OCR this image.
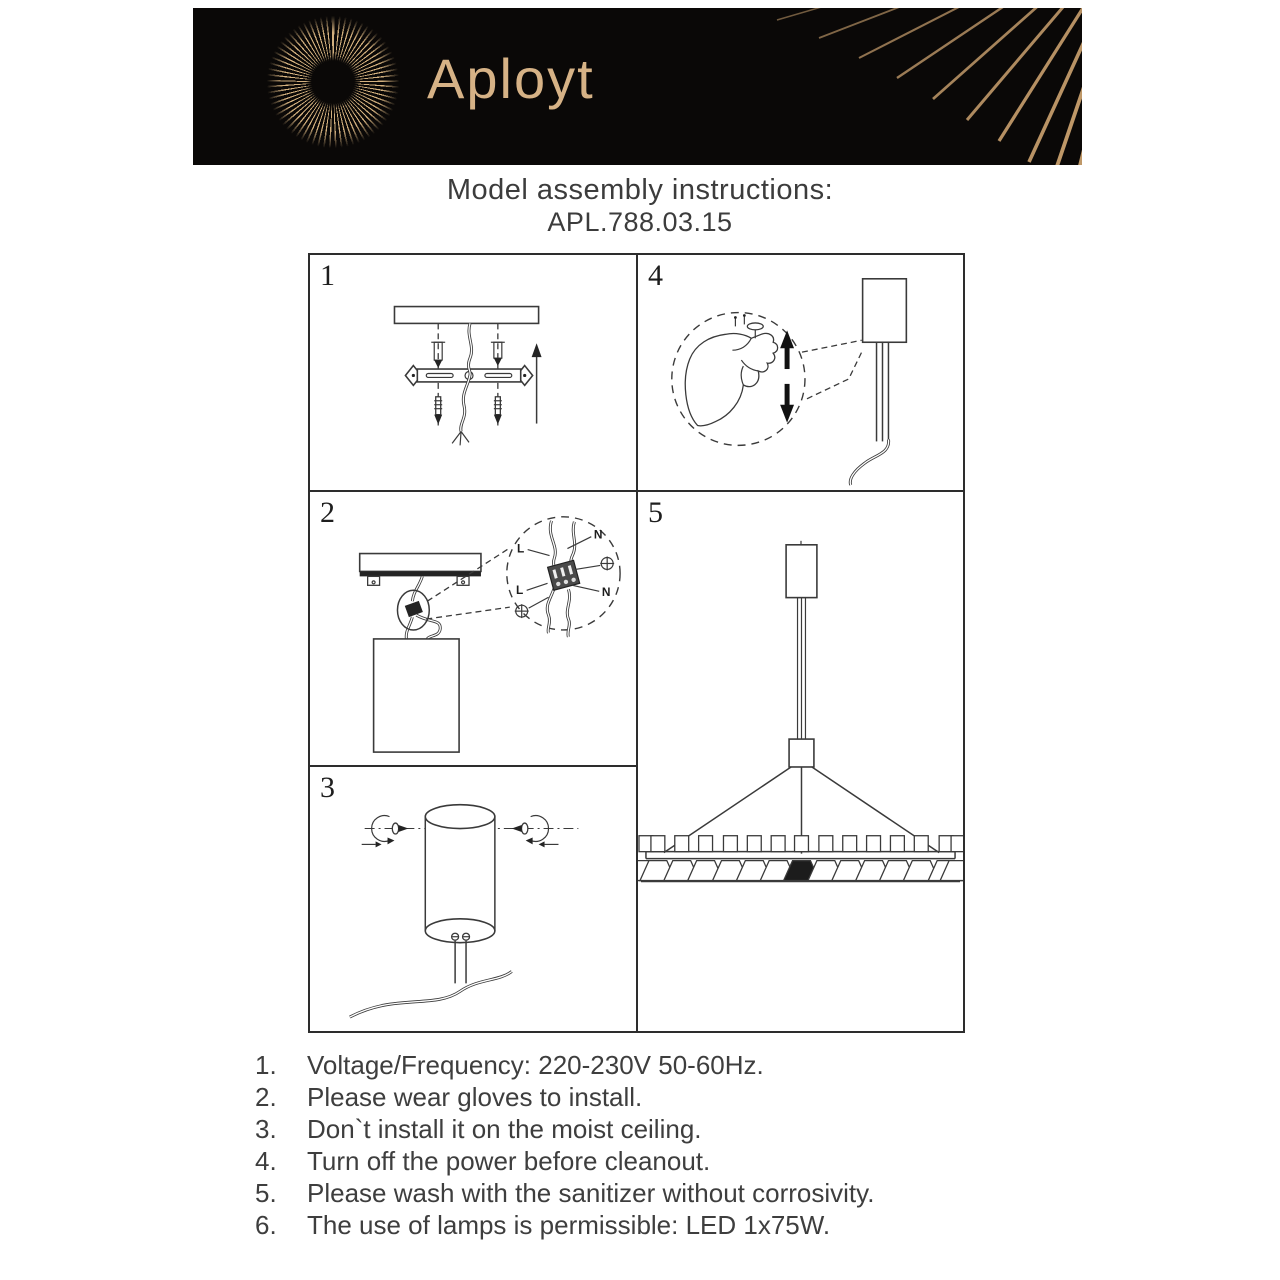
Aployt
Model assembly instructions:
APL.788.03.15
1
2
N
L
L	N
3
4
5
1.	Voltage/Frequency: 220-230V 50-60Hz.
2.	Please wear gloves to install.
3.	Don`t install it on the moist ceiling.
4.	Turn off the power before cleanout.
5.	Please wash with the sanitizer without corrosivity.
6.	The use of lamps is permissible: LED 1x75W.
